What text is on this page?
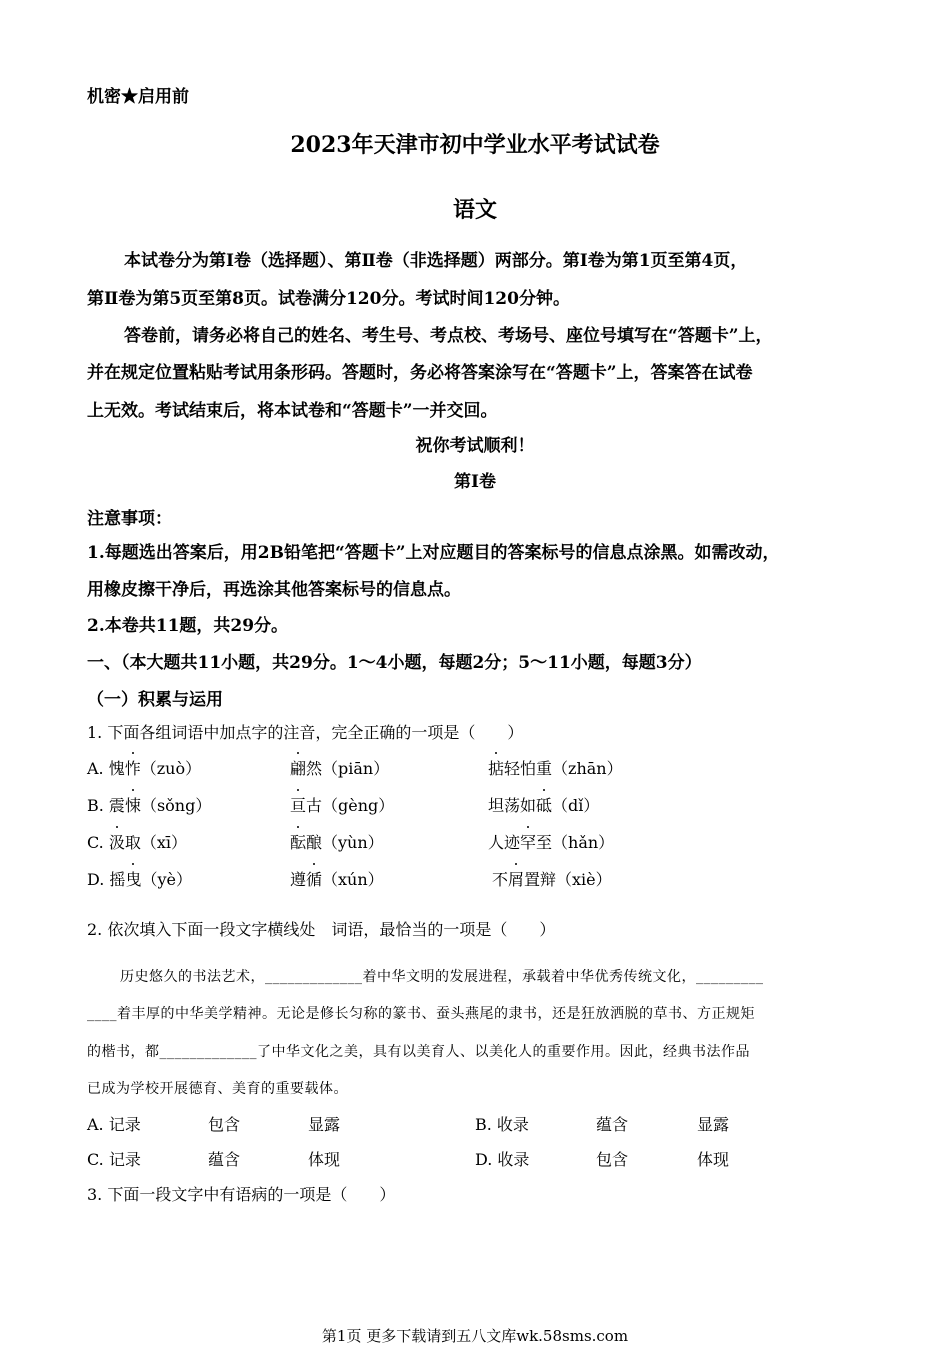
机密★启用前
2023年天津市初中学业水平考试试卷
语文
本试卷分为第Ⅰ卷（选择题）、第Ⅱ卷（非选择题）两部分。第Ⅰ卷为第1页至第4页，
第Ⅱ卷为第5页至第8页。试卷满分120分。考试时间120分钟。
答卷前，请务必将自己的姓名、考生号、考点校、考场号、座位号填写在“答题卡”上，
并在规定位置粘贴考试用条形码。答题时，务必将答案涂写在“答题卡”上，答案答在试卷
上无效。考试结束后，将本试卷和“答题卡”一并交回。
祝你考试顺利！
第Ⅰ卷
注意事项：
1.每题选出答案后，用2B铅笔把“答题卡”上对应题目的答案标号的信息点涂黑。如需改动，
用橡皮擦干净后，再选涂其他答案标号的信息点。
2.本卷共11题，共29分。
一、（本大题共11小题，共29分。1～4小题，每题2分；5～11小题，每题3分）
（一）积累与运用
1. 下面各组词语中加点字的注音，完全正确的一项是（　　）
A. 愧怍（zuò）	翩然（piān）	掂轻怕重（zhān）
B. 震悚（sǒng）	亘古（gèng）	坦荡如砥（dǐ）
C. 汲取（xī）	酝酿（yùn）	人迹罕至（hǎn）
D. 摇曳（yè）	遵循（xún）	不屑置辩（xiè）
2. 依次填入下面一段文字横线处　词语，最恰当的一项是（　　）
历史悠久的书法艺术，_____________着中华文明的发展进程，承载着中华优秀传统文化，_________
____着丰厚的中华美学精神。无论是修长匀称的篆书、蚕头燕尾的隶书，还是狂放洒脱的草书、方正规矩
的楷书，都_____________了中华文化之美，具有以美育人、以美化人的重要作用。因此，经典书法作品
已成为学校开展德育、美育的重要载体。
A. 记录	包含	显露	B. 收录	蕴含	显露
C. 记录	蕴含	体现	D. 收录	包含	体现
3. 下面一段文字中有语病的一项是（　　）
第1页 更多下载请到五八文库wk.58sms.com
